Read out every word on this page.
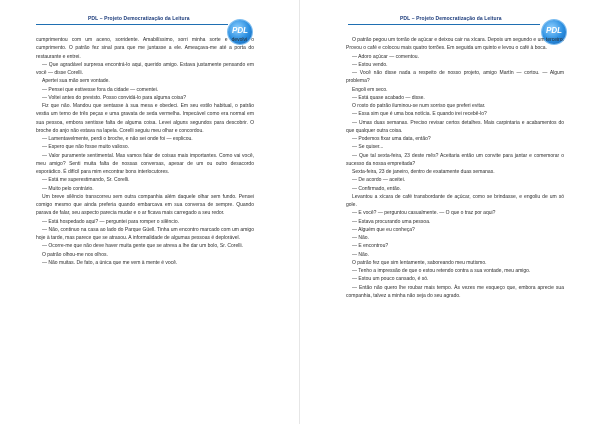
PDL – Projeto Democratização da Leitura
PDL

cumprimentou com um aceno, sorridente. Amabilíssimo, sorri minha sorte e devolvi o cumprimento. O patrão fez sinal para que me juntasse a ele. Ameaçava-me até a porta do restaurante e entrei.

— Que agradável surpresa encontrá-lo aqui, querido amigo. Estava justamente pensando em você — disse Corelli.

Apertei sua mão sem vontade.

— Pensei que estivesse fora da cidade — comentei.

— Voltei antes do previsto. Posso convidá-lo para alguma coisa?

Fiz que não. Mandou que sentasse à sua mesa e obedeci. Em seu estilo habitual, o patrão vestia um terno de três peças e uma gravata de seda vermelha. Impecável como era normal em sua pessoa, embora sentisse falta de alguma coisa. Levei alguns segundos para descobrir. O broche do anjo não estava na lapela. Corelli seguiu meu olhar e concordou.

— Lamentavelmente, perdi o broche, e não sei onde foi — explicou.

— Espero que não fosse muito valioso.

— Valor puramente sentimental. Mas vamos falar de coisas mais importantes. Como vai você, meu amigo? Senti muita falta de nossas conversas, apesar de um ou outro desacordo esporádico. É difícil para mim encontrar bons interlocutores.

— Está me superestimando, Sr. Corelli.

— Muito pelo contrário.

Um breve silêncio transcorreu sem outra companhia além daquele olhar sem fundo. Pensei comigo mesmo que ainda preferia quando embarcava em sua conversa de sempre. Quando parava de falar, seu aspecto parecia mudar e o ar ficava mais carregado a seu redor.

— Está hospedado aqui? — perguntei para romper o silêncio.

— Não, continuo na casa ao lado do Parque Güell. Tinha um encontro marcado com um amigo hoje à tarde, mas parece que se atrasou. A informalidade de algumas pessoas é deplorável.

— Ocorre-me que não deve haver muita gente que se atreva a lhe dar um bolo, Sr. Corelli.

O patrão olhou-me nos olhos.

— Não muitas. De fato, a única que me vem à mente é você.

PDL – Projeto Democratização da Leitura
PDL

O patrão pegou um torrão de açúcar e deixou cair na xícara. Depois um segundo e um terceiro. Provou o café e colocou mais quatro torrões. Em seguida um quinto e levou o café à boca.

— Adoro açúcar — comentou.

— Estou vendo.

— Você não disse nada a respeito de nosso projeto, amigo Martín — cortou. — Algum problema?

Engoli em seco.

— Está quase acabado — disse.

O rosto do patrão iluminou-se num sorriso que preferi evitar.

— Essa sim que é uma boa notícia. E quando irei recebê-lo?

— Umas duas semanas. Preciso revisar certos detalhes. Mais carpintaria e acabamentos do que qualquer outra coisa.

— Podemos fixar uma data, então?

— Se quiser...

— Que tal sexta-feira, 23 deste mês? Aceitaria então um convite para jantar e comemorar o sucesso da nossa empreitada?

Sexta-feira, 23 de janeiro, dentro de exatamente duas semanas.

— De acordo — aceitei.

— Confirmado, então.

Levantou a xícara de café transbordante de açúcar, como se brindasse, e engoliu de um só gole.

— E você? — perguntou casualmente. — O que o traz por aqui?

— Estava procurando uma pessoa.

— Alguém que eu conheça?

— Não.

— E encontrou?

— Não.

O patrão fez que sim lentamente, saboreando meu mutismo.

— Tenho a impressão de que o estou retendo contra a sua vontade, meu amigo.

— Estou um pouco cansado, é só.

— Então não quero lhe roubar mais tempo. Às vezes me esqueço que, embora aprecie sua companhia, talvez a minha não seja do seu agrado.
